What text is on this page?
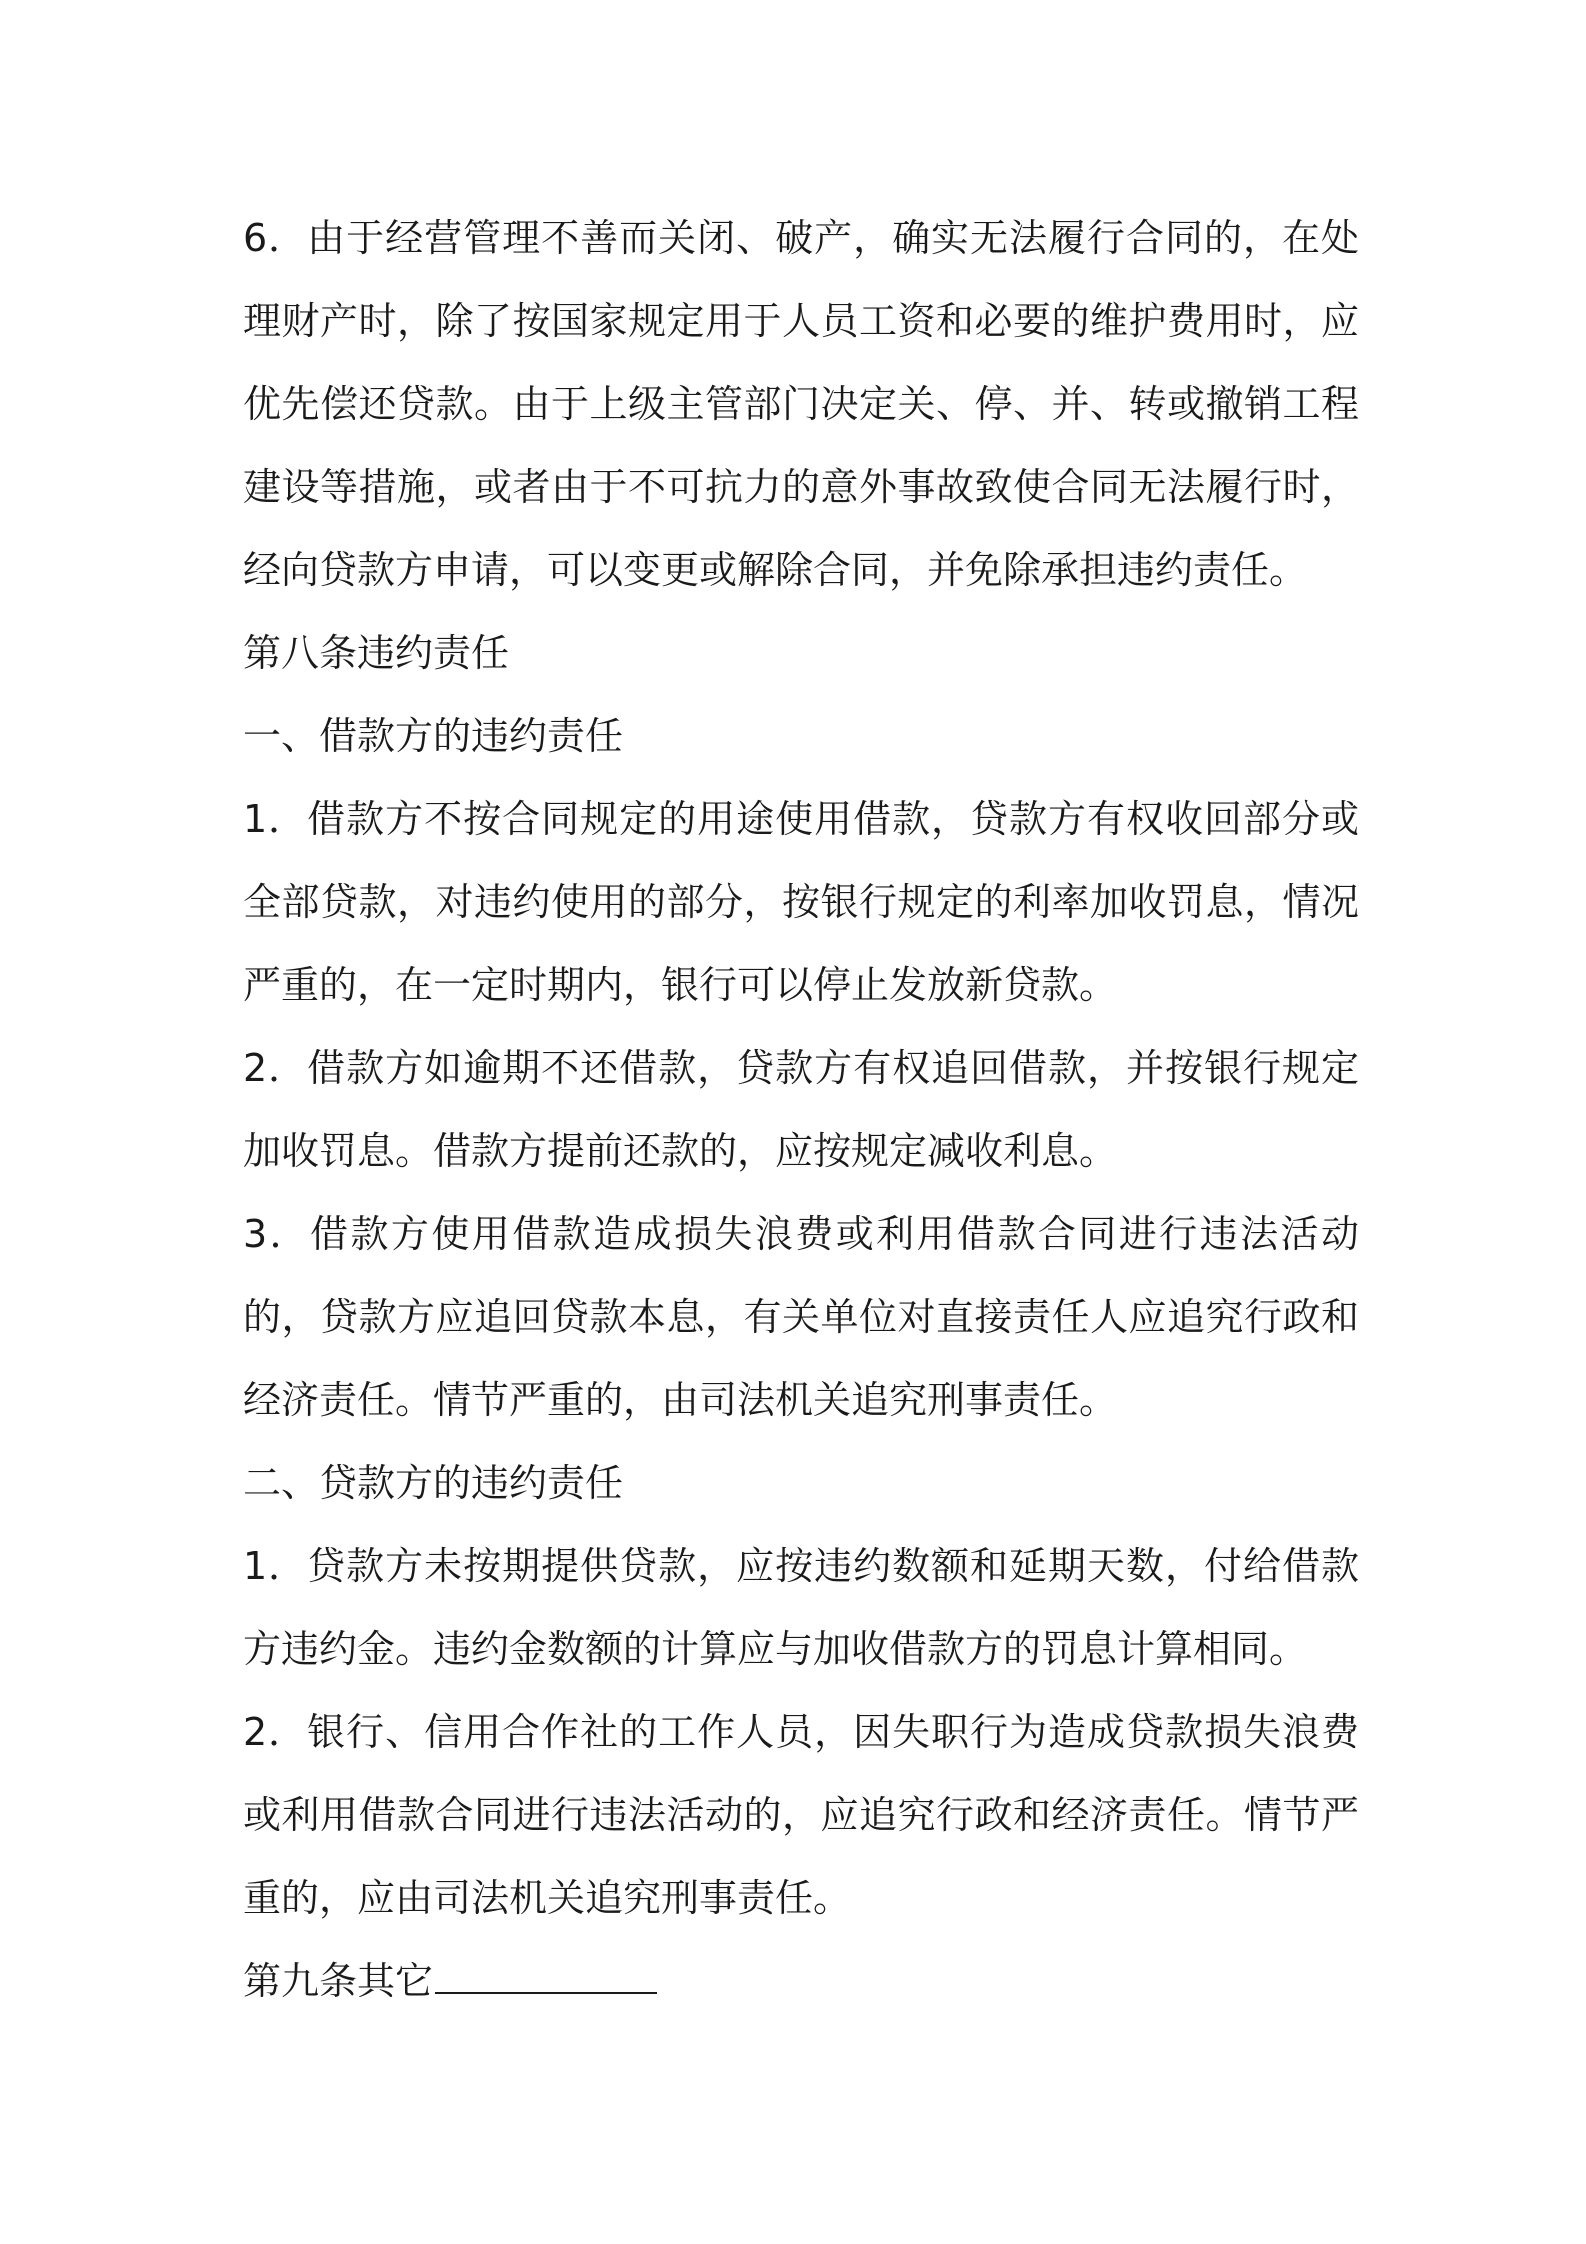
6．由于经营管理不善而关闭、破产，确实无法履行合同的，在处理财产时，除了按国家规定用于人员工资和必要的维护费用时，应优先偿还贷款。由于上级主管部门决定关、停、并、转或撤销工程建设等措施，或者由于不可抗力的意外事故致使合同无法履行时，经向贷款方申请，可以变更或解除合同，并免除承担违约责任。

第八条违约责任

一、借款方的违约责任

1．借款方不按合同规定的用途使用借款，贷款方有权收回部分或全部贷款，对违约使用的部分，按银行规定的利率加收罚息，情况严重的，在一定时期内，银行可以停止发放新贷款。

2．借款方如逾期不还借款，贷款方有权追回借款，并按银行规定加收罚息。借款方提前还款的，应按规定减收利息。

3．借款方使用借款造成损失浪费或利用借款合同进行违法活动的，贷款方应追回贷款本息，有关单位对直接责任人应追究行政和经济责任。情节严重的，由司法机关追究刑事责任。

二、贷款方的违约责任

1．贷款方未按期提供贷款，应按违约数额和延期天数，付给借款方违约金。违约金数额的计算应与加收借款方的罚息计算相同。

2．银行、信用合作社的工作人员，因失职行为造成贷款损失浪费或利用借款合同进行违法活动的，应追究行政和经济责任。情节严重的，应由司法机关追究刑事责任。

第九条其它
